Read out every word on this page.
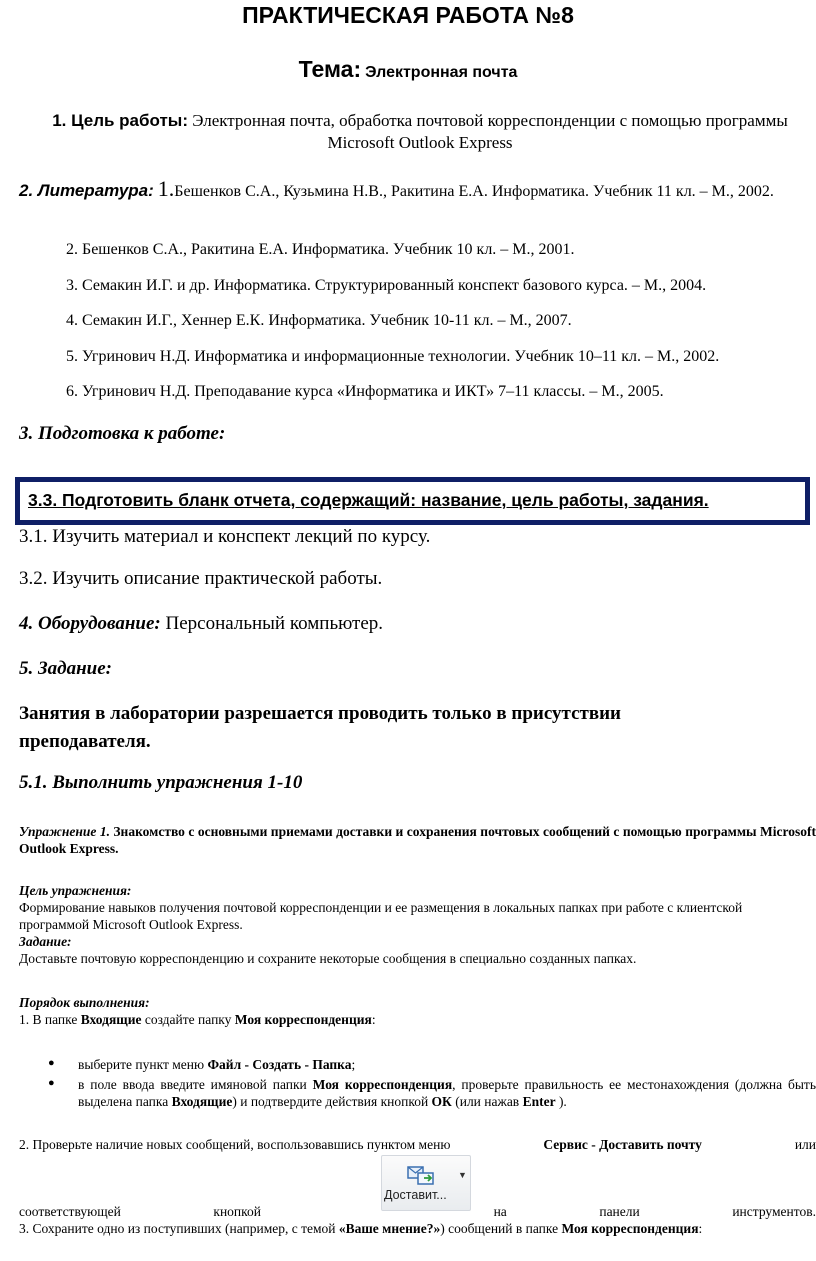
ПРАКТИЧЕСКАЯ РАБОТА №8
Тема: Электронная почта
1. Цель работы: Электронная почта, обработка почтовой корреспонденции с помощью программы Microsoft Outlook Express
2. Литература: 1.Бешенков С.А., Кузьмина Н.В., Ракитина Е.А. Информатика. Учебник 11 кл. – М., 2002.
2. Бешенков С.А., Ракитина Е.А. Информатика. Учебник 10 кл. – М., 2001.
3. Семакин И.Г. и др. Информатика. Структурированный конспект базового курса. – М., 2004.
4. Семакин И.Г., Хеннер Е.К. Информатика. Учебник 10-11 кл. – М., 2007.
5. Угринович Н.Д. Информатика и информационные технологии. Учебник 10–11 кл. – М., 2002.
6. Угринович Н.Д. Преподавание курса «Информатика и ИКТ» 7–11 классы. – М., 2005.
3. Подготовка к работе:
3.3. Подготовить бланк отчета, содержащий: название, цель работы, задания.
3.1. Изучить материал и конспект лекций по курсу.
3.2. Изучить описание практической работы.
4. Оборудование: Персональный компьютер.
5. Задание:
Занятия в лаборатории разрешается проводить только в присутствии
преподавателя.
5.1. Выполнить упражнения 1-10
Упражнение 1. Знакомство с основными приемами доставки и сохранения почтовых сообщений с помощью программы Microsoft Outlook Express.
Цель упражнения:
Формирование навыков получения почтовой корреспонденции и ее размещения в локальных папках при работе с клиентской программой Microsoft Outlook Express.
Задание:
Доставьте почтовую корреспонденцию и сохраните некоторые сообщения в специально созданных папках.
Порядок выполнения:
1. В папке Входящие создайте папку Моя корреспонденция:
● выберите пункт меню Файл - Создать - Папка;
● в поле ввода введите имяновой папки Моя корреспонденция, проверьте правильность ее местонахождения (должна быть выделена папка Входящие) и подтвердите действия кнопкой ОК (или нажав Enter ).
2. Проверьте наличие новых сообщений, воспользовавшись пунктом меню	Сервис - Доставить почту	или
Доставит...
▼
соответствующей	кнопкой	на	панели	инструментов.
3. Сохраните одно из поступивших (например, с темой «Ваше мнение?») сообщений в папке Моя корреспонденция:
